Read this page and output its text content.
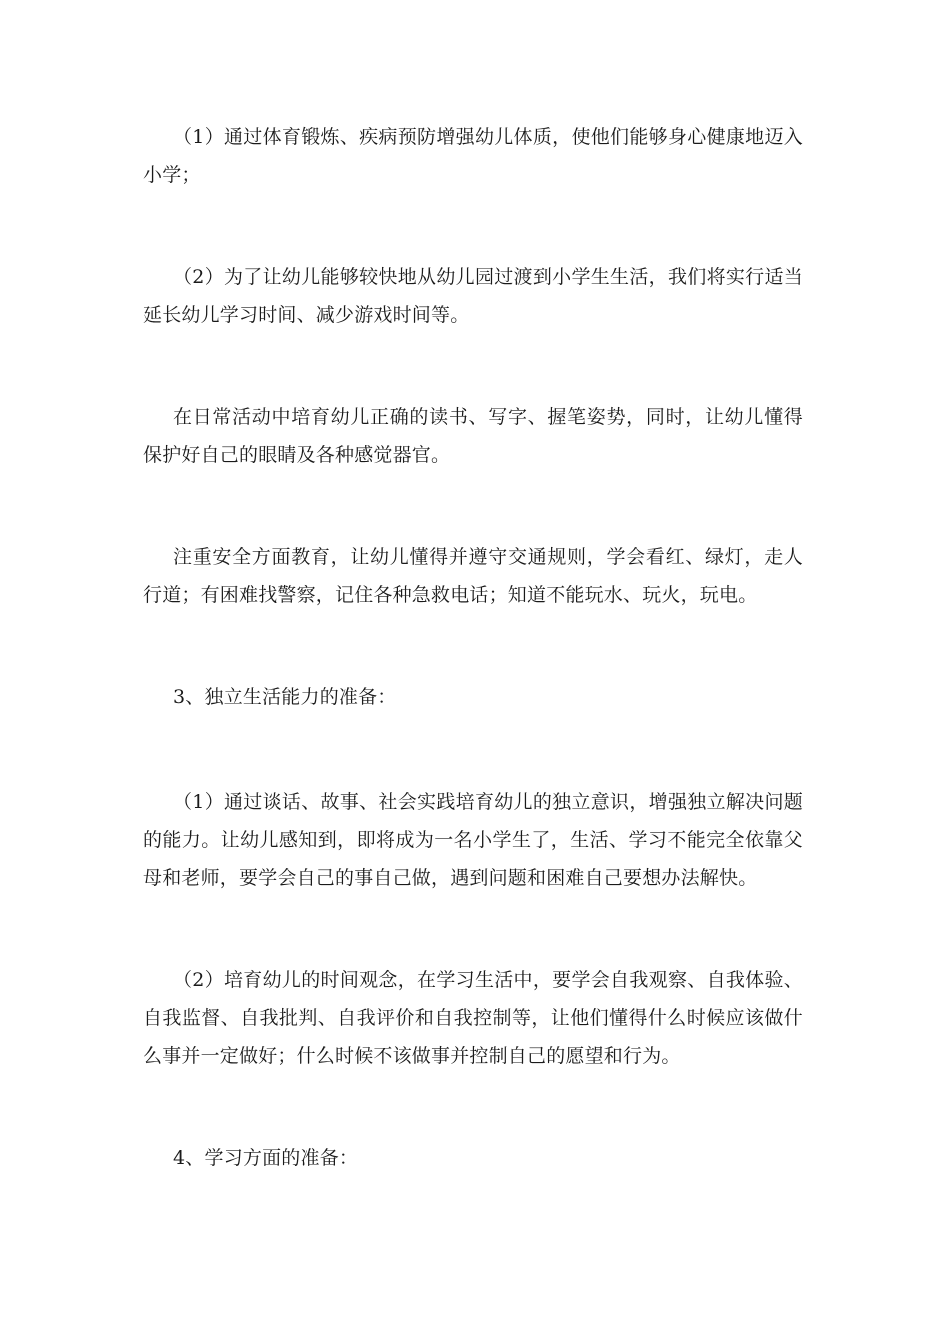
（1）通过体育锻炼、疾病预防增强幼儿体质，使他们能够身心健康地迈入小学；

（2）为了让幼儿能够较快地从幼儿园过渡到小学生生活，我们将实行适当延长幼儿学习时间、减少游戏时间等。

在日常活动中培育幼儿正确的读书、写字、握笔姿势，同时，让幼儿懂得保护好自己的眼睛及各种感觉器官。

注重安全方面教育，让幼儿懂得并遵守交通规则，学会看红、绿灯，走人行道；有困难找警察，记住各种急救电话；知道不能玩水、玩火，玩电。

3、独立生活能力的准备：

（1）通过谈话、故事、社会实践培育幼儿的独立意识，增强独立解决问题的能力。让幼儿感知到，即将成为一名小学生了，生活、学习不能完全依靠父母和老师，要学会自己的事自己做，遇到问题和困难自己要想办法解快。

（2）培育幼儿的时间观念，在学习生活中，要学会自我观察、自我体验、自我监督、自我批判、自我评价和自我控制等，让他们懂得什么时候应该做什么事并一定做好；什么时候不该做事并控制自己的愿望和行为。

4、学习方面的准备：
